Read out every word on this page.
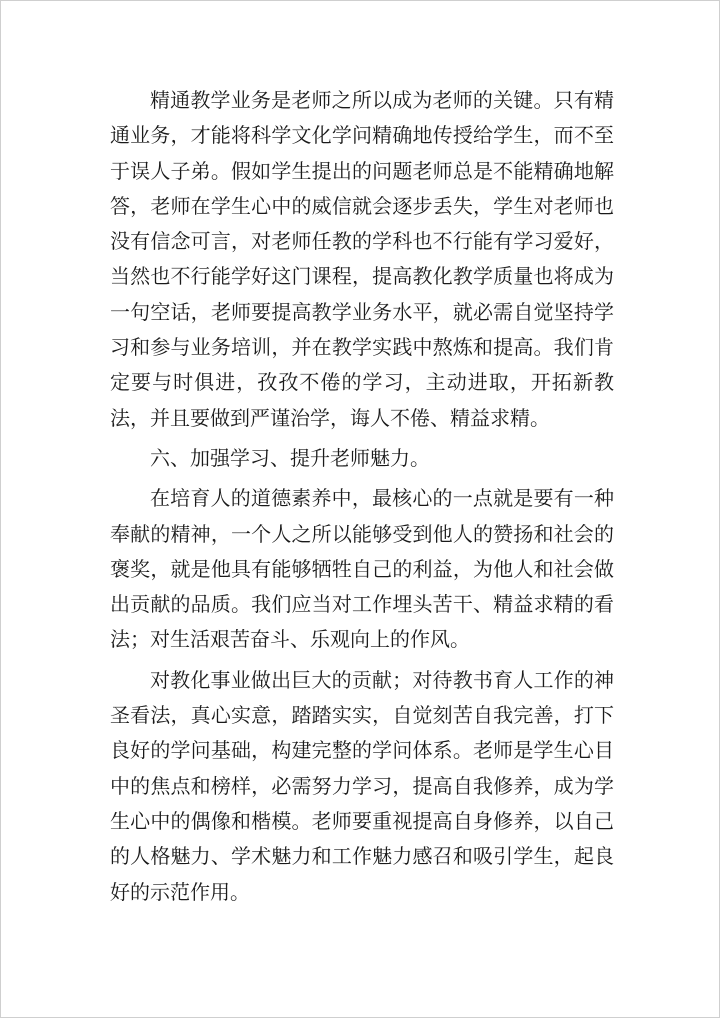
精通教学业务是老师之所以成为老师的关键。只有精通业务，才能将科学文化学问精确地传授给学生，而不至于误人子弟。假如学生提出的问题老师总是不能精确地解答，老师在学生心中的威信就会逐步丢失，学生对老师也没有信念可言，对老师任教的学科也不行能有学习爱好，当然也不行能学好这门课程，提高教化教学质量也将成为一句空话，老师要提高教学业务水平，就必需自觉坚持学习和参与业务培训，并在教学实践中熬炼和提高。我们肯定要与时俱进，孜孜不倦的学习，主动进取，开拓新教法，并且要做到严谨治学，诲人不倦、精益求精。

六、加强学习、提升老师魅力。

在培育人的道德素养中，最核心的一点就是要有一种奉献的精神，一个人之所以能够受到他人的赞扬和社会的褒奖，就是他具有能够牺牲自己的利益，为他人和社会做出贡献的品质。我们应当对工作埋头苦干、精益求精的看法；对生活艰苦奋斗、乐观向上的作风。

对教化事业做出巨大的贡献；对待教书育人工作的神圣看法，真心实意，踏踏实实，自觉刻苦自我完善，打下良好的学问基础，构建完整的学问体系。老师是学生心目中的焦点和榜样，必需努力学习，提高自我修养，成为学生心中的偶像和楷模。老师要重视提高自身修养，以自己的人格魅力、学术魅力和工作魅力感召和吸引学生，起良好的示范作用。
